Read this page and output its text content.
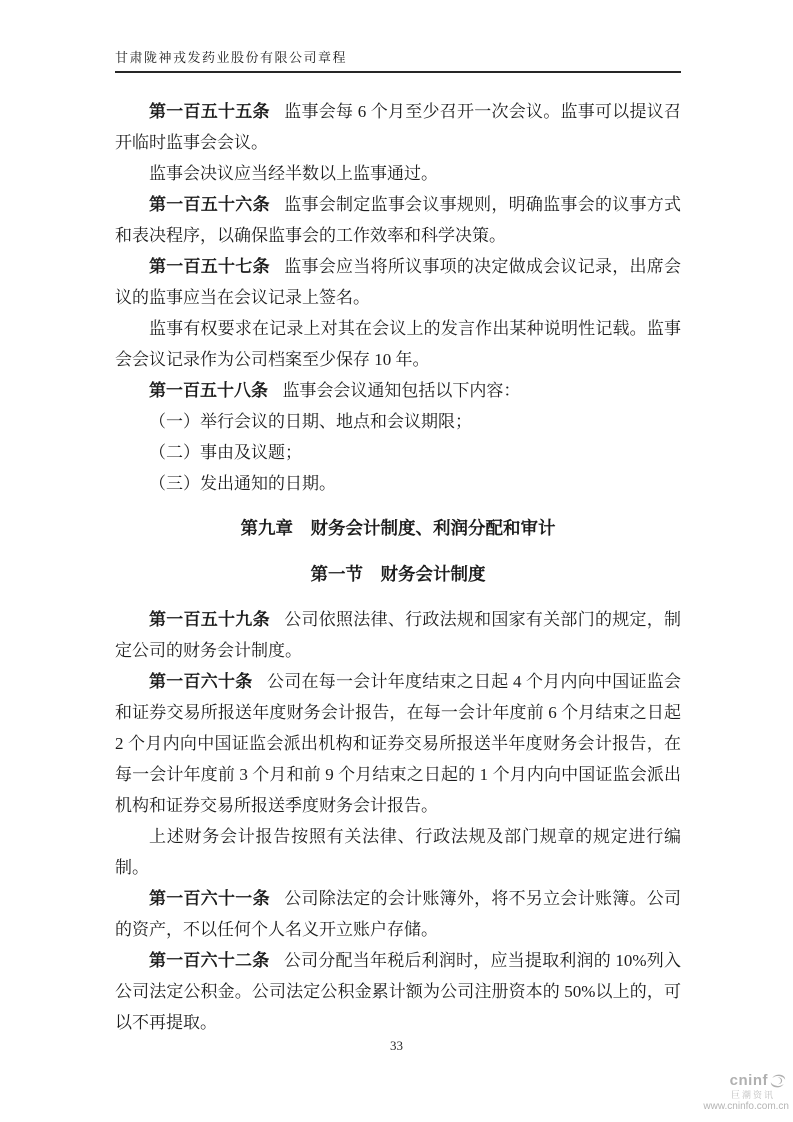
甘肃陇神戎发药业股份有限公司章程

第一百五十五条 监事会每 6 个月至少召开一次会议。监事可以提议召开临时监事会会议。

监事会决议应当经半数以上监事通过。

第一百五十六条 监事会制定监事会议事规则，明确监事会的议事方式和表决程序，以确保监事会的工作效率和科学决策。

第一百五十七条 监事会应当将所议事项的决定做成会议记录，出席会议的监事应当在会议记录上签名。

监事有权要求在记录上对其在会议上的发言作出某种说明性记载。监事会会议记录作为公司档案至少保存 10 年。

第一百五十八条 监事会会议通知包括以下内容：

（一）举行会议的日期、地点和会议期限；

（二）事由及议题；

（三）发出通知的日期。

第九章　财务会计制度、利润分配和审计

第一节　财务会计制度

第一百五十九条 公司依照法律、行政法规和国家有关部门的规定，制定公司的财务会计制度。

第一百六十条 公司在每一会计年度结束之日起 4 个月内向中国证监会和证券交易所报送年度财务会计报告，在每一会计年度前 6 个月结束之日起 2 个月内向中国证监会派出机构和证券交易所报送半年度财务会计报告，在每一会计年度前 3 个月和前 9 个月结束之日起的 1 个月内向中国证监会派出机构和证券交易所报送季度财务会计报告。

上述财务会计报告按照有关法律、行政法规及部门规章的规定进行编制。

第一百六十一条 公司除法定的会计账簿外，将不另立会计账簿。公司的资产，不以任何个人名义开立账户存储。

第一百六十二条 公司分配当年税后利润时，应当提取利润的 10%列入公司法定公积金。公司法定公积金累计额为公司注册资本的 50%以上的，可以不再提取。

33
cninf
巨潮资讯
www.cninfo.com.cn
